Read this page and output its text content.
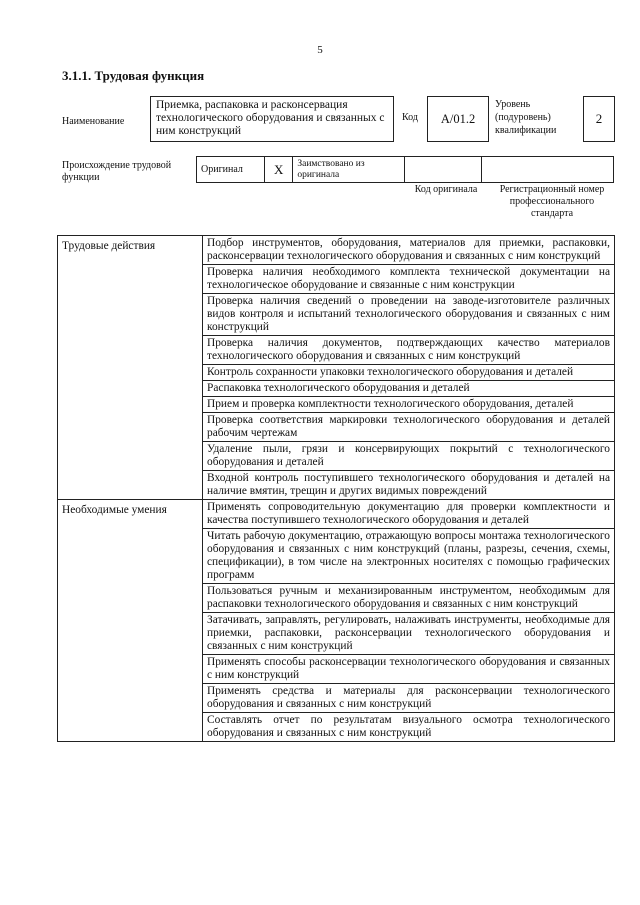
5
3.1.1. Трудовая функция
Наименование
Приемка, распаковка и расконсервация технологического оборудования и связанных с ним конструкций
Код	А/01.2
Уровень
(подуровень)
квалификации
2
Происхождение трудовой функции
Оригинал	Х	Заимствовано из оригинала		
Код оригинала	Регистрационный номер профессионального стандарта
Трудовые действия	Подбор инструментов, оборудования, материалов для приемки, распаковки, расконсервации технологического оборудования и связанных с ним конструкций
	Проверка наличия необходимого комплекта технической документации на технологическое оборудование и связанные с ним конструкции
	Проверка наличия сведений о проведении на заводе-изготовителе различных видов контроля и испытаний технологического оборудования и связанных с ним конструкций
	Проверка наличия документов, подтверждающих качество материалов технологического оборудования и связанных с ним конструкций
	Контроль сохранности упаковки технологического оборудования и деталей
	Распаковка технологического оборудования и деталей
	Прием и проверка комплектности технологического оборудования, деталей
	Проверка соответствия маркировки технологического оборудования и деталей рабочим чертежам
	Удаление пыли, грязи и консервирующих покрытий с технологического оборудования и деталей
	Входной контроль поступившего технологического оборудования и деталей на наличие вмятин, трещин и других видимых повреждений
Необходимые умения	Применять сопроводительную документацию для проверки комплектности и качества поступившего технологического оборудования и деталей
	Читать рабочую документацию, отражающую вопросы монтажа технологического оборудования и связанных с ним конструкций (планы, разрезы, сечения, схемы, спецификации), в том числе на электронных носителях с помощью графических программ
	Пользоваться ручным и механизированным инструментом, необходимым для распаковки технологического оборудования и связанных с ним конструкций
	Затачивать, заправлять, регулировать, налаживать инструменты, необходимые для приемки, распаковки, расконсервации технологического оборудования и связанных с ним конструкций
	Применять способы расконсервации технологического оборудования и связанных с ним конструкций
	Применять средства и материалы для расконсервации технологического оборудования и связанных с ним конструкций
	Составлять отчет по результатам визуального осмотра технологического оборудования и связанных с ним конструкций
